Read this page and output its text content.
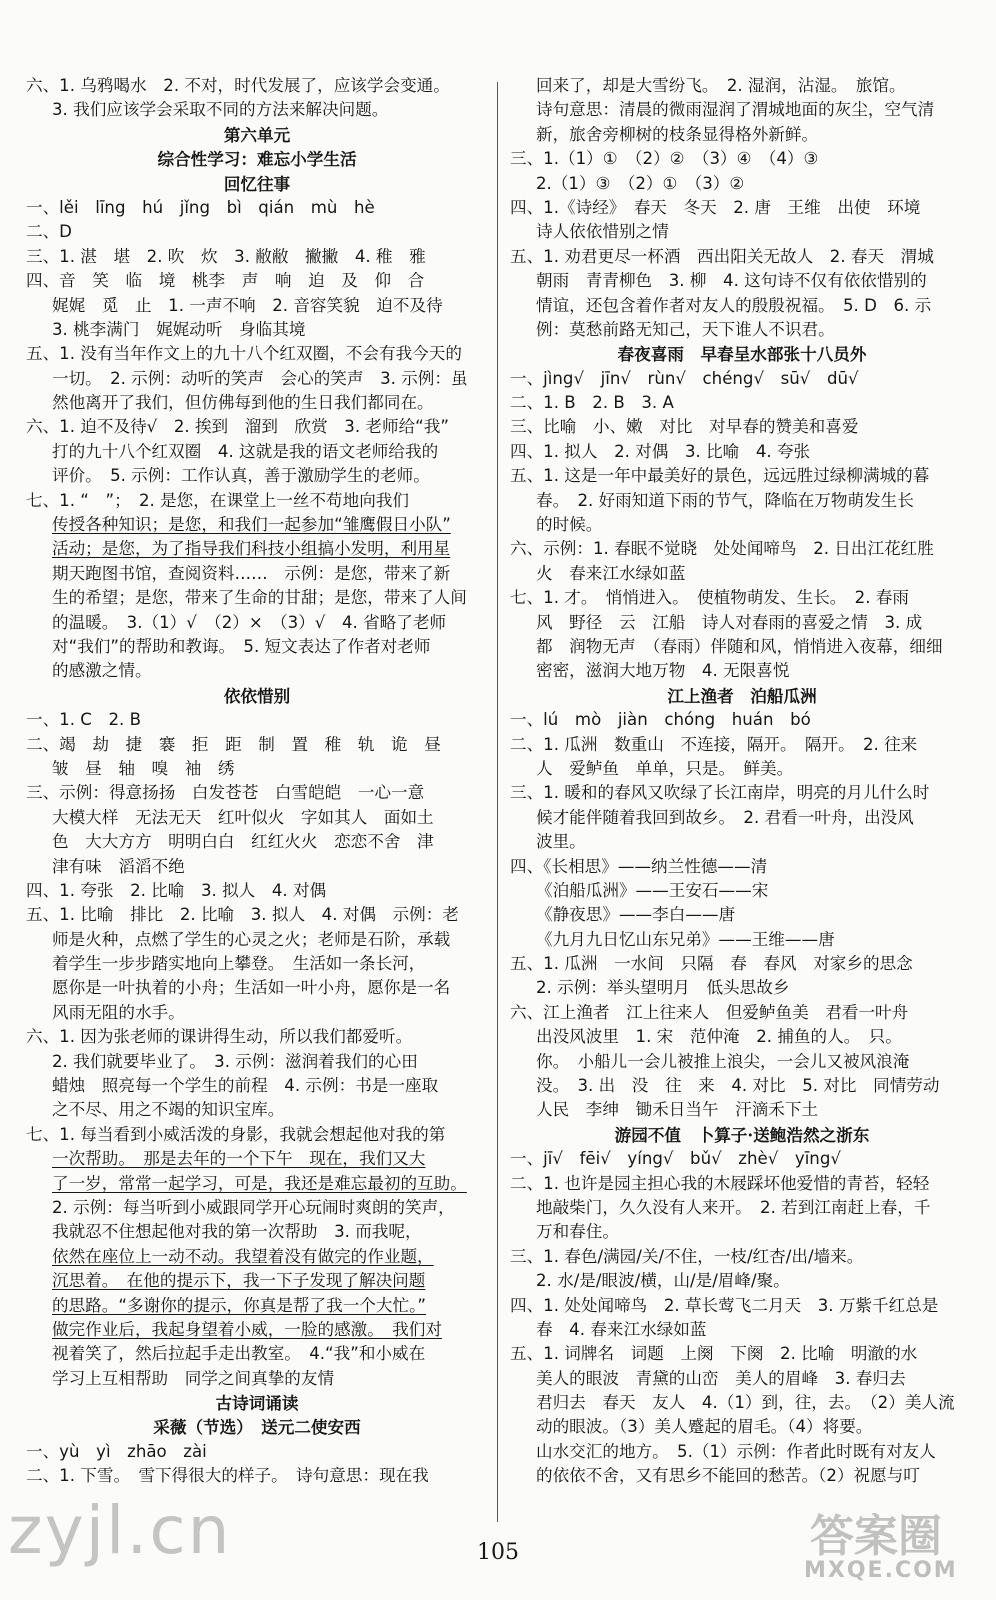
六、1. 乌鸦喝水　2. 不对，时代发展了，应该学会变通。
3. 我们应该学会采取不同的方法来解决问题。
第六单元
综合性学习：难忘小学生活
回忆往事
一、lěi　līng　hú　jǐng　bì　qián　mù　hè
二、D
三、1. 湛　堪　2. 吹　炊　3. 敝敝　撇撇　4. 稚　雅
四、音　笑　临　境　桃李　声　响　迫　及　仰　合
娓娓　觅　止　1. 一声不响　2. 音容笑貌　迫不及待
3. 桃李满门　娓娓动听　身临其境
五、1. 没有当年作文上的九十八个红双圈，不会有我今天的
一切。　2. 示例：动听的笑声　会心的笑声　3. 示例：虽
然他离开了我们，但仿佛每到他的生日我们都同在。
六、1. 迫不及待√　2. 挨到　溜到　欣赏　3. 老师给“我”
打的九十八个红双圈　4. 这就是我的语文老师给我的
评价。　5. 示例：工作认真，善于激励学生的老师。
七、1. “　”；　2. 是您，在课堂上一丝不苟地向我们
传授各种知识；是您，和我们一起参加“雏鹰假日小队”
活动；是您，为了指导我们科技小组搞小发明，利用星
期天跑图书馆，查阅资料……　示例：是您，带来了新
生的希望；是您，带来了生命的甘甜；是您，带来了人间
的温暖。　3.（1）√　（2）×　（3）√　4. 省略了老师
对“我们”的帮助和教诲。　5. 短文表达了作者对老师
的感激之情。
依依惜别
一、1. C　2. B
二、竭　劫　捷　褰　拒　距　制　置　稚　轨　诡　昼
皱　昼　轴　嗅　袖　绣
三、示例：得意扬扬　白发苍苍　白雪皑皑　一心一意
大模大样　无法无天　红叶似火　字如其人　面如土
色　大大方方　明明白白　红红火火　恋恋不舍　津
津有味　滔滔不绝
四、1. 夸张　2. 比喻　3. 拟人　4. 对偶
五、1. 比喻　排比　2. 比喻　3. 拟人　4. 对偶　示例：老
师是火种，点燃了学生的心灵之火；老师是石阶，承载
着学生一步步踏实地向上攀登。　生活如一条长河，
愿你是一叶执着的小舟；生活如一叶小舟，愿你是一名
风雨无阻的水手。
六、1. 因为张老师的课讲得生动，所以我们都爱听。
2. 我们就要毕业了。　3. 示例：滋润着我们的心田
蜡烛　照亮每一个学生的前程　4. 示例：书是一座取
之不尽、用之不竭的知识宝库。
七、1. 每当看到小威活泼的身影，我就会想起他对我的第
一次帮助。　那是去年的一个下午　现在，我们又大
了一岁，常常一起学习，可是，我还是难忘最初的互助。
2. 示例：每当听到小威跟同学开心玩闹时爽朗的笑声，
我就忍不住想起他对我的第一次帮助　3. 而我呢，
依然在座位上一动不动。我望着没有做完的作业题，
沉思着。　在他的提示下，我一下子发现了解决问题
的思路。“多谢你的提示，你真是帮了我一个大忙。”
做完作业后，我起身望着小威，一脸的感激。　我们对
视着笑了，然后拉起手走出教室。　4.“我”和小威在
学习上互相帮助　同学之间真挚的友情
古诗词诵读
采薇（节选）　送元二使安西
一、yù　yì　zhāo　zài
二、1. 下雪。　雪下得很大的样子。　诗句意思：现在我
回来了，却是大雪纷飞。　2. 湿润，沾湿。　旅馆。
诗句意思：清晨的微雨湿润了渭城地面的灰尘，空气清
新，旅舍旁柳树的枝条显得格外新鲜。
三、1.（1）①　（2）②　（3）④　（4）③
2.（1）③　（2）①　（3）②
四、1.《诗经》　春天　冬天　2. 唐　王维　出使　环境
诗人依依惜别之情
五、1. 劝君更尽一杯酒　西出阳关无故人　2. 春天　渭城
朝雨　青青柳色　3. 柳　4. 这句诗不仅有依依惜别的
情谊，还包含着作者对友人的殷殷祝福。　5. D　6. 示
例：莫愁前路无知己，天下谁人不识君。
春夜喜雨　早春呈水部张十八员外
一、jìng√　jīn√　rùn√　chéng√　sū√　dū√
二、1. B　2. B　3. A
三、比喻　小、嫩　对比　对早春的赞美和喜爱
四、1. 拟人　2. 对偶　3. 比喻　4. 夸张
五、1. 这是一年中最美好的景色，远远胜过绿柳满城的暮
春。　2. 好雨知道下雨的节气，降临在万物萌发生长
的时候。
六、示例：1. 春眠不觉晓　处处闻啼鸟　2. 日出江花红胜
火　春来江水绿如蓝
七、1. 才。　悄悄进入。　使植物萌发、生长。　2. 春雨
风　野径　云　江船　诗人对春雨的喜爱之情　3. 成
都　润物无声　（春雨）伴随和风，悄悄进入夜幕，细细
密密，滋润大地万物　4. 无限喜悦
江上渔者　泊船瓜洲
一、lú　mò　jiàn　chóng　huán　bó
二、1. 瓜洲　数重山　不连接，隔开。　隔开。　2. 往来
人　爱鲈鱼　单单，只是。　鲜美。
三、1. 暖和的春风又吹绿了长江南岸，明亮的月儿什么时
候才能伴随着我回到故乡。　2. 君看一叶舟，出没风
波里。
四、《长相思》——纳兰性德——清
《泊船瓜洲》——王安石——宋
《静夜思》——李白——唐
《九月九日忆山东兄弟》——王维——唐
五、1. 瓜洲　一水间　只隔　春　春风　对家乡的思念
2. 示例：举头望明月　低头思故乡
六、江上渔者　江上往来人　但爱鲈鱼美　君看一叶舟
出没风波里　1. 宋　范仲淹　2. 捕鱼的人。　只。
你。　小船儿一会儿被推上浪尖，一会儿又被风浪淹
没。　3. 出　没　往　来　4. 对比　5. 对比　同情劳动
人民　李绅　锄禾日当午　汗滴禾下土
游园不值　卜算子·送鲍浩然之浙东
一、jī√　fēi√　yíng√　bǔ√　zhè√　yīng√
二、1. 也许是园主担心我的木屐踩坏他爱惜的青苔，轻轻
地敲柴门，久久没有人来开。　2. 若到江南赶上春，千
万和春住。
三、1. 春色/满园/关/不住，一枝/红杏/出/墙来。
2. 水/是/眼波/横，山/是/眉峰/聚。
四、1. 处处闻啼鸟　2. 草长莺飞二月天　3. 万紫千红总是
春　4. 春来江水绿如蓝
五、1. 词牌名　词题　上阕　下阕　2. 比喻　明澈的水
美人的眼波　青黛的山峦　美人的眉峰　3. 春归去
君归去　春天　友人　4.（1）到，往，去。　（2）美人流
动的眼波。（3）美人蹙起的眉毛。（4）将要。
山水交汇的地方。　5.（1）示例：作者此时既有对友人
的依依不舍，又有思乡不能回的愁苦。（2）祝愿与叮
105
zyjl.cn	答案圈
MXQE.COM
